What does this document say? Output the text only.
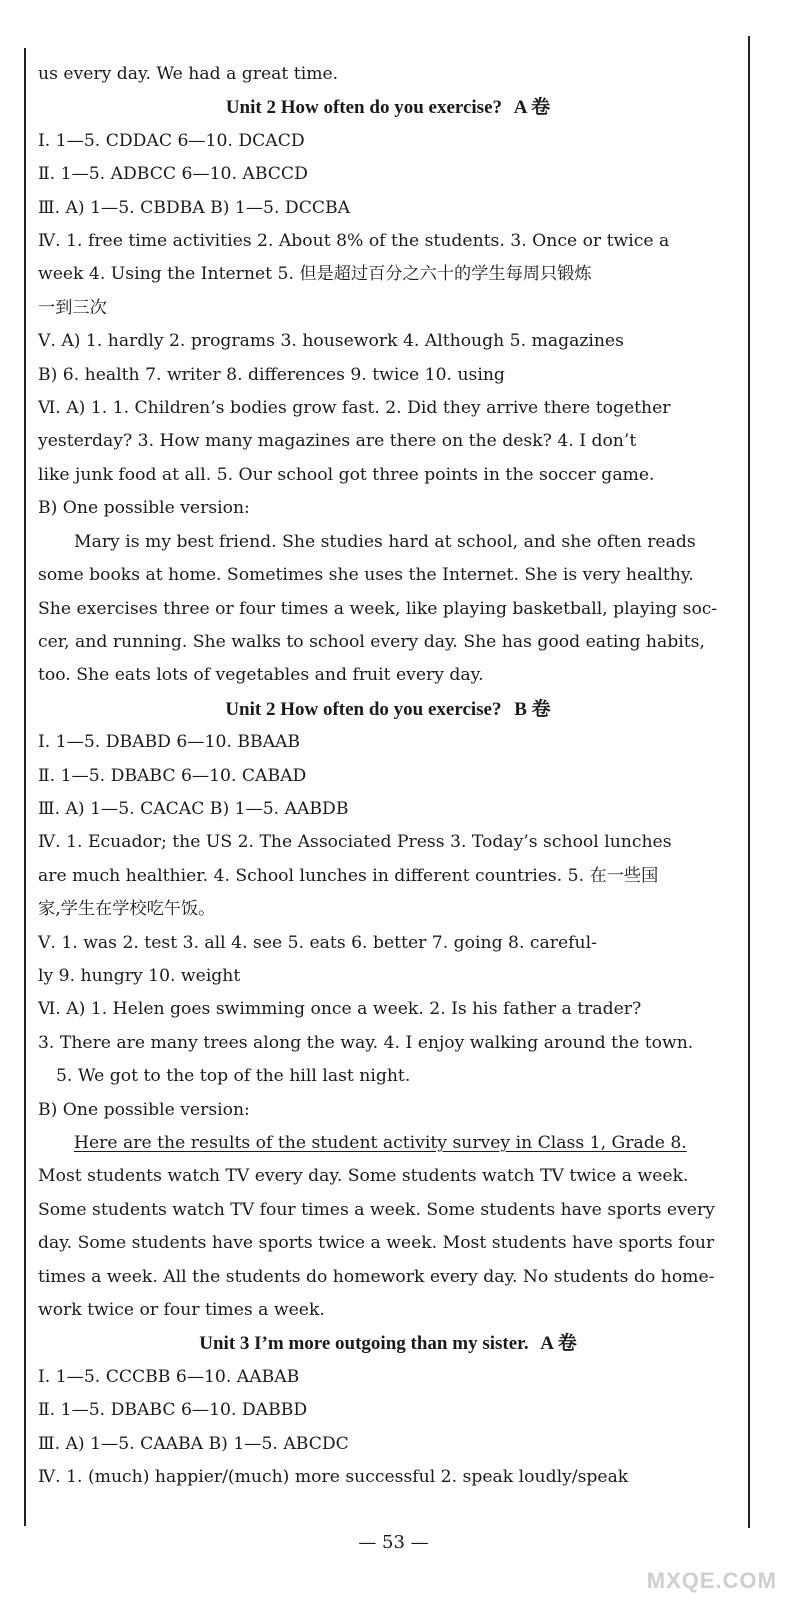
us every day. We had a great time.

Unit 2 How often do you exercise? A 卷

Ⅰ. 1—5. CDDAC 6—10. DCACD

Ⅱ. 1—5. ADBCC 6—10. ABCCD

Ⅲ. A) 1—5. CBDBA B) 1—5. DCCBA

Ⅳ. 1. free time activities 2. About 8% of the students. 3. Once or twice a

week 4. Using the Internet 5. 但是超过百分之六十的学生每周只锻炼

一到三次

Ⅴ. A) 1. hardly 2. programs 3. housework 4. Although 5. magazines

B) 6. health 7. writer 8. differences 9. twice 10. using

Ⅵ. A) 1. 1. Children’s bodies grow fast. 2. Did they arrive there together

yesterday? 3. How many magazines are there on the desk? 4. I don’t

like junk food at all. 5. Our school got three points in the soccer game.

B) One possible version:

Mary is my best friend. She studies hard at school, and she often reads

some books at home. Sometimes she uses the Internet. She is very healthy.

She exercises three or four times a week, like playing basketball, playing soc-

cer, and running. She walks to school every day. She has good eating habits,

too. She eats lots of vegetables and fruit every day.

Unit 2 How often do you exercise? B 卷

Ⅰ. 1—5. DBABD 6—10. BBAAB

Ⅱ. 1—5. DBABC 6—10. CABAD

Ⅲ. A) 1—5. CACAC B) 1—5. AABDB

Ⅳ. 1. Ecuador; the US 2. The Associated Press 3. Today’s school lunches

are much healthier. 4. School lunches in different countries. 5. 在一些国

家,学生在学校吃午饭。

Ⅴ. 1. was 2. test 3. all 4. see 5. eats 6. better 7. going 8. careful-

ly 9. hungry 10. weight

Ⅵ. A) 1. Helen goes swimming once a week. 2. Is his father a trader?

3. There are many trees along the way. 4. I enjoy walking around the town.

5. We got to the top of the hill last night.

B) One possible version:

Here are the results of the student activity survey in Class 1, Grade 8.

Most students watch TV every day. Some students watch TV twice a week.

Some students watch TV four times a week. Some students have sports every

day. Some students have sports twice a week. Most students have sports four

times a week. All the students do homework every day. No students do home-

work twice or four times a week.

Unit 3 I’m more outgoing than my sister. A 卷

Ⅰ. 1—5. CCCBB 6—10. AABAB

Ⅱ. 1—5. DBABC 6—10. DABBD

Ⅲ. A) 1—5. CAABA B) 1—5. ABCDC

Ⅳ. 1. (much) happier/(much) more successful 2. speak loudly/speak

— 53 —
MXQE.COM
